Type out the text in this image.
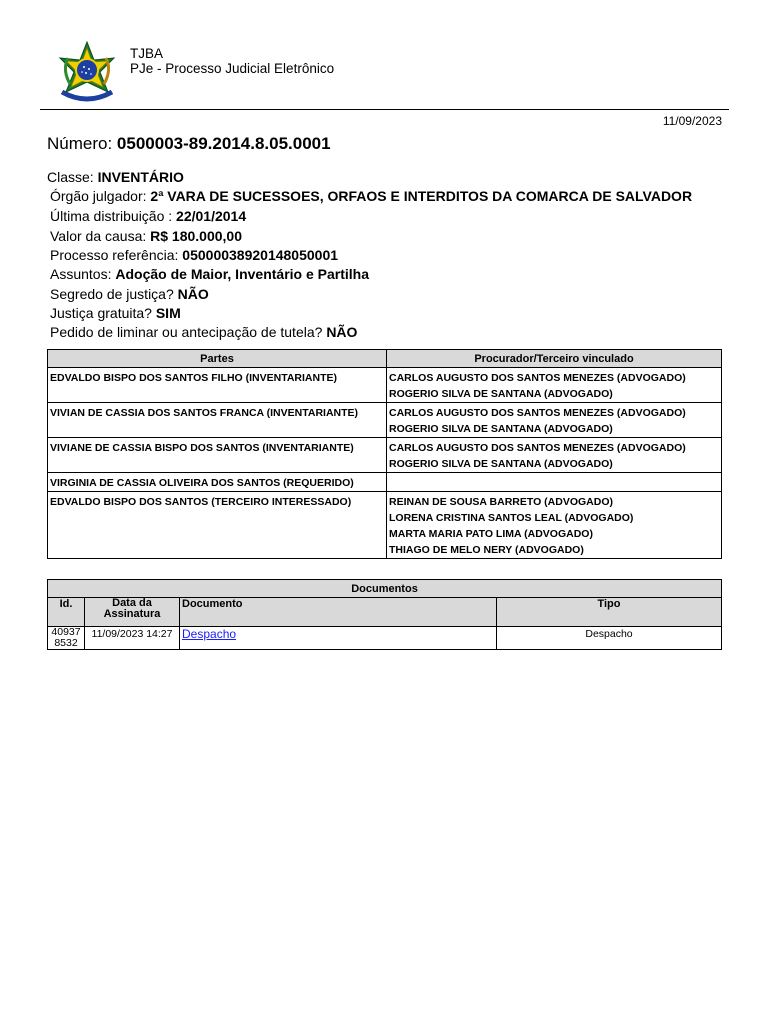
TJBA
PJe - Processo Judicial Eletrônico
11/09/2023
Número: 0500003-89.2014.8.05.0001
Classe: INVENTÁRIO
Órgão julgador: 2ª VARA DE SUCESSOES, ORFAOS E INTERDITOS DA COMARCA DE SALVADOR
Última distribuição : 22/01/2014
Valor da causa: R$ 180.000,00
Processo referência: 05000038920148050001
Assuntos: Adoção de Maior, Inventário e Partilha
Segredo de justiça? NÃO
Justiça gratuita? SIM
Pedido de liminar ou antecipação de tutela? NÃO
Partes	Procurador/Terceiro vinculado
EDVALDO BISPO DOS SANTOS FILHO (INVENTARIANTE)	CARLOS AUGUSTO DOS SANTOS MENEZES (ADVOGADO)
ROGERIO SILVA DE SANTANA (ADVOGADO)

VIVIAN DE CASSIA DOS SANTOS FRANCA (INVENTARIANTE)	CARLOS AUGUSTO DOS SANTOS MENEZES (ADVOGADO)
ROGERIO SILVA DE SANTANA (ADVOGADO)

VIVIANE DE CASSIA BISPO DOS SANTOS (INVENTARIANTE)	CARLOS AUGUSTO DOS SANTOS MENEZES (ADVOGADO)
ROGERIO SILVA DE SANTANA (ADVOGADO)

VIRGINIA DE CASSIA OLIVEIRA DOS SANTOS (REQUERIDO)	
EDVALDO BISPO DOS SANTOS (TERCEIRO INTERESSADO)	REINAN DE SOUSA BARRETO (ADVOGADO)
LORENA CRISTINA SANTOS LEAL (ADVOGADO)
MARTA MARIA PATO LIMA (ADVOGADO)
THIAGO DE MELO NERY (ADVOGADO)
Documentos			
Id.	Data da Assinatura	Documento	Tipo
409378532	11/09/2023 14:27	Despacho	Despacho
